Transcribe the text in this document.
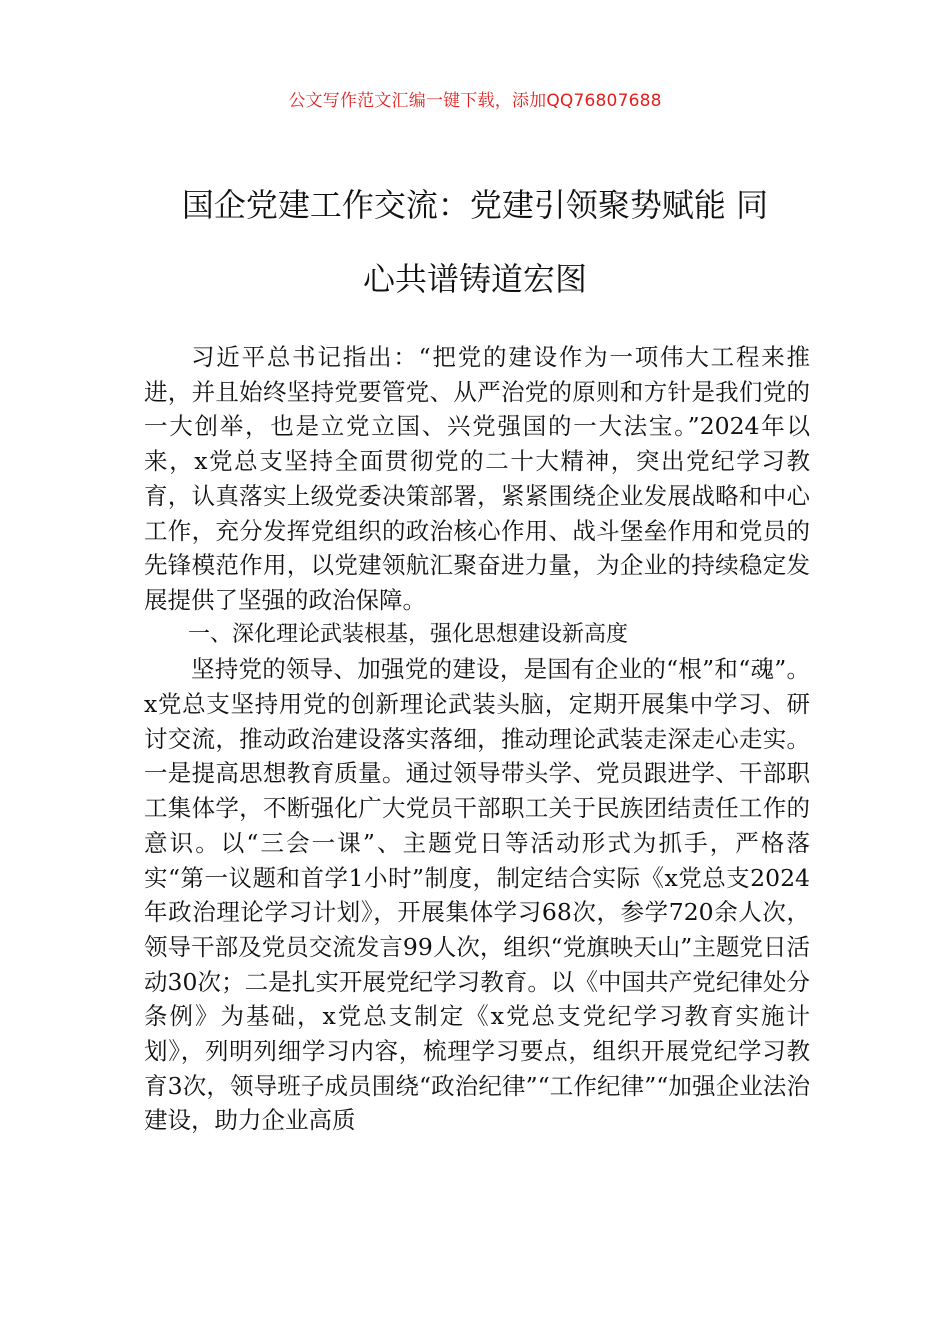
公文写作范文汇编一键下载，添加QQ76807688
国企党建工作交流：党建引领聚势赋能 同
心共谱铸道宏图

习近平总书记指出：“把党的建设作为一项伟大工程来推进，并且始终坚持党要管党、从严治党的原则和方针是我们党的一大创举，也是立党立国、兴党强国的一大法宝。”2024年以来，x党总支坚持全面贯彻党的二十大精神，突出党纪学习教育，认真落实上级党委决策部署，紧紧围绕企业发展战略和中心工作，充分发挥党组织的政治核心作用、战斗堡垒作用和党员的先锋模范作用，以党建领航汇聚奋进力量，为企业的持续稳定发展提供了坚强的政治保障。

一、深化理论武装根基，强化思想建设新高度

坚持党的领导、加强党的建设，是国有企业的“根”和“魂”。x党总支坚持用党的创新理论武装头脑，定期开展集中学习、研讨交流，推动政治建设落实落细，推动理论武装走深走心走实。一是提高思想教育质量。通过领导带头学、党员跟进学、干部职工集体学，不断强化广大党员干部职工关于民族团结责任工作的意识。以“三会一课”、主题党日等活动形式为抓手，严格落实“第一议题和首学1小时”制度，制定结合实际《x党总支2024年政治理论学习计划》，开展集体学习68次，参学720余人次，领导干部及党员交流发言99人次，组织“党旗映天山”主题党日活动30次；二是扎实开展党纪学习教育。以《中国共产党纪律处分条例》为基础，x党总支制定《x党总支党纪学习教育实施计划》，列明列细学习内容，梳理学习要点，组织开展党纪学习教育3次，领导班子成员围绕“政治纪律”“工作纪律”“加强企业法治建设，助力企业高质
